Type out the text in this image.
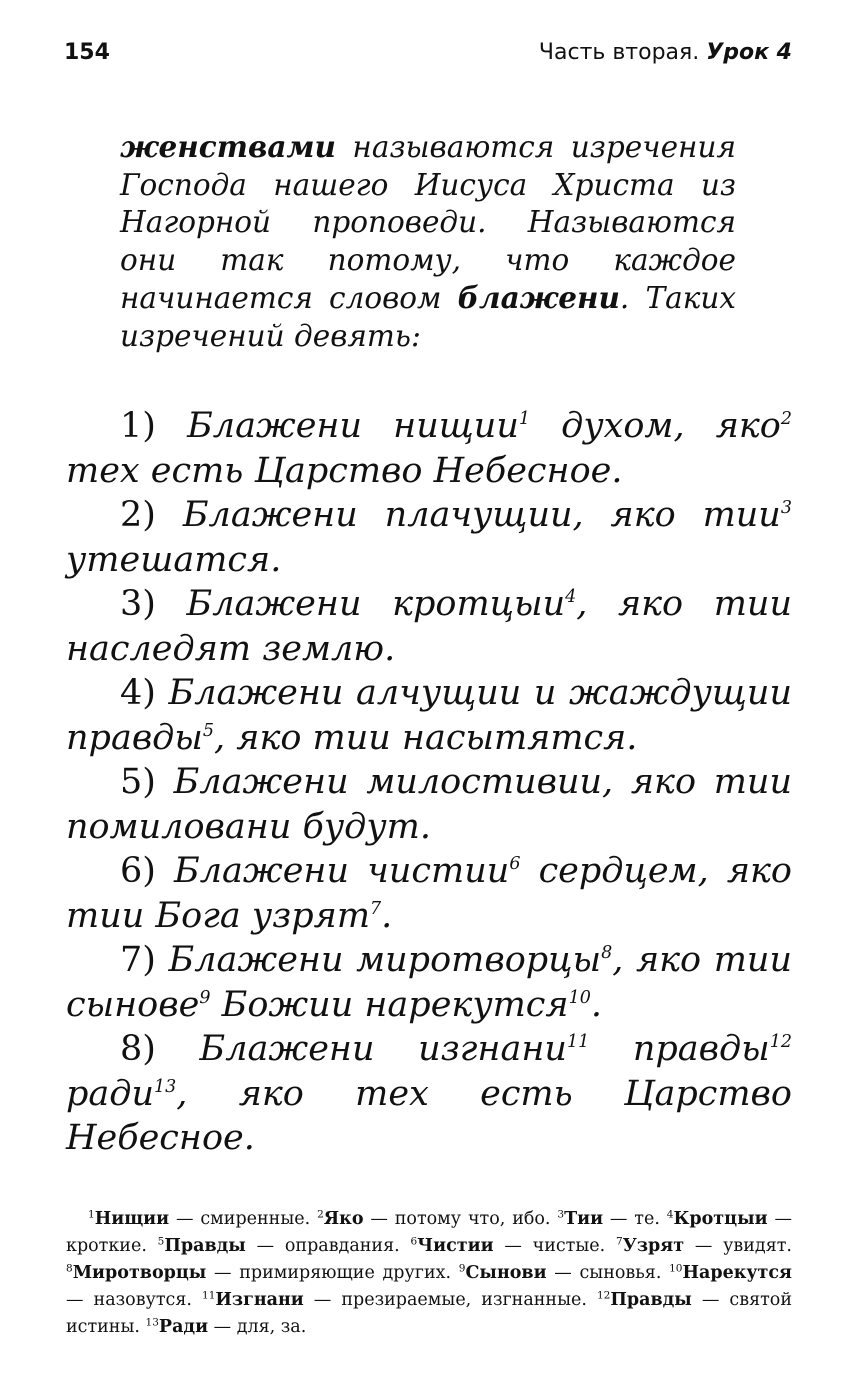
154	Часть вторая. Урок 4
женствами называются изречения Господа нашего Иисуса Христа из Нагорной проповеди. Называются они так потому, что каждое начинается словом блажени. Таких изречений девять:

1) Блажени нищии$^1$ духом, яко$^2$ тех есть Царство Небесное.

2) Блажени плачущии, яко тии$^3$ утешатся.

3) Блажени кротцыи$^4$, яко тии наследят землю.

4) Блажени алчущии и жаждущии правды$^5$, яко тии насытятся.

5) Блажени милостивии, яко тии помиловани будут.

6) Блажени чистии$^6$ сердцем, яко тии Бога узрят$^7$.

7) Блажени миротворцы$^8$, яко тии сынове$^9$ Божии нарекутся$^{10}$.

8) Блажени изгнани$^{11}$ правды$^{12}$ ради$^{13}$, яко тех есть Царство Небесное.

$^1$Нищии — смиренные. $^2$Яко — потому что, ибо. $^3$Тии — те. $^4$Кротцыи — кроткие. $^5$Правды — оправдания. $^6$Чистии — чистые. $^7$Узрят — увидят. $^8$Миротворцы — примиряющие других. $^9$Сынови — сыновья. $^{10}$Нарекутся — назовутся. $^{11}$Изгнани — презираемые, изгнанные. $^{12}$Правды — святой истины. $^{13}$Ради — для, за.
